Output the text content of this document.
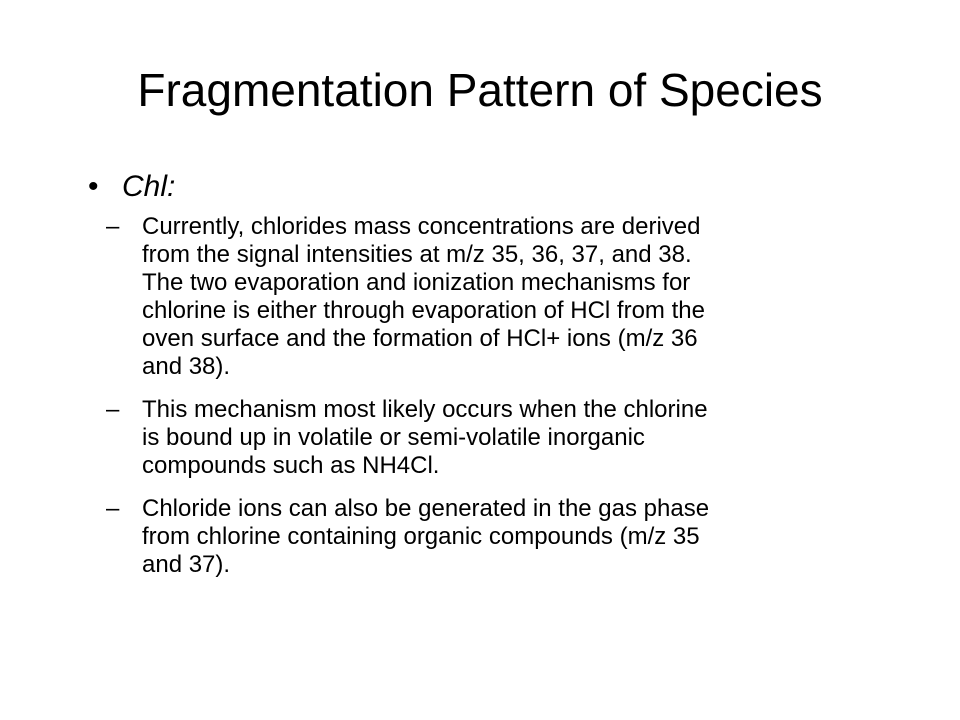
Fragmentation Pattern of Species
• Chl:
– Currently, chlorides mass concentrations are derived
from the signal intensities at m/z 35, 36, 37, and 38.
The two evaporation and ionization mechanisms for
chlorine is either through evaporation of HCl from the
oven surface and the formation of HCl+ ions (m/z 36
and 38).
– This mechanism most likely occurs when the chlorine
is bound up in volatile or semi-volatile inorganic
compounds such as NH4Cl.
– Chloride ions can also be generated in the gas phase
from chlorine containing organic compounds (m/z 35
and 37).
